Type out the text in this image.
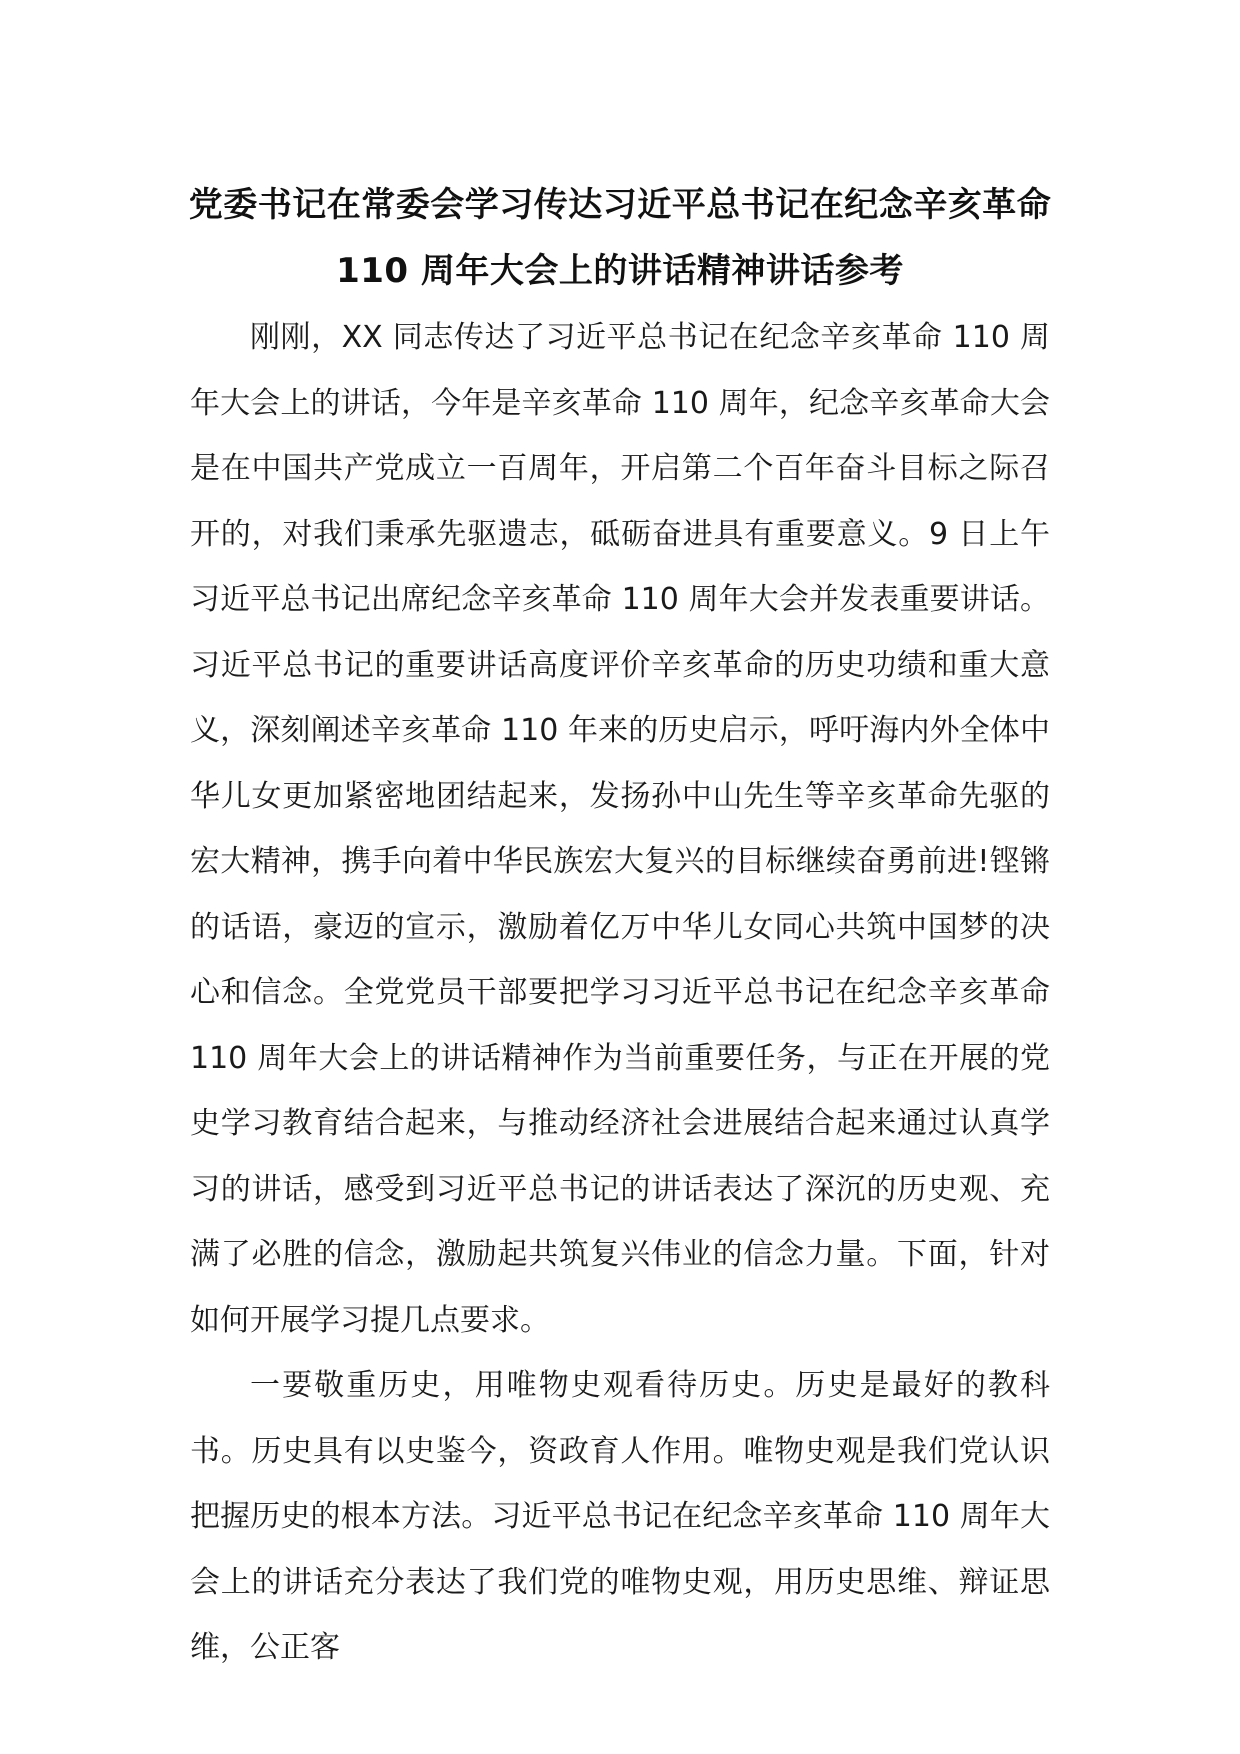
党委书记在常委会学习传达习近平总书记在纪念辛亥革命
110 周年大会上的讲话精神讲话参考

刚刚，XX 同志传达了习近平总书记在纪念辛亥革命 110 周年大会上的讲话，今年是辛亥革命 110 周年，纪念辛亥革命大会是在中国共产党成立一百周年，开启第二个百年奋斗目标之际召开的，对我们秉承先驱遗志，砥砺奋进具有重要意义。9 日上午习近平总书记出席纪念辛亥革命 110 周年大会并发表重要讲话。习近平总书记的重要讲话高度评价辛亥革命的历史功绩和重大意义，深刻阐述辛亥革命 110 年来的历史启示，呼吁海内外全体中华儿女更加紧密地团结起来，发扬孙中山先生等辛亥革命先驱的宏大精神，携手向着中华民族宏大复兴的目标继续奋勇前进!铿锵的话语，豪迈的宣示，激励着亿万中华儿女同心共筑中国梦的决心和信念。全党党员干部要把学习习近平总书记在纪念辛亥革命 110 周年大会上的讲话精神作为当前重要任务，与正在开展的党史学习教育结合起来，与推动经济社会进展结合起来通过认真学习的讲话，感受到习近平总书记的讲话表达了深沉的历史观、充满了必胜的信念，激励起共筑复兴伟业的信念力量。下面，针对如何开展学习提几点要求。

一要敬重历史，用唯物史观看待历史。历史是最好的教科书。历史具有以史鉴今，资政育人作用。唯物史观是我们党认识把握历史的根本方法。习近平总书记在纪念辛亥革命 110 周年大会上的讲话充分表达了我们党的唯物史观，用历史思维、辩证思维，公正客
